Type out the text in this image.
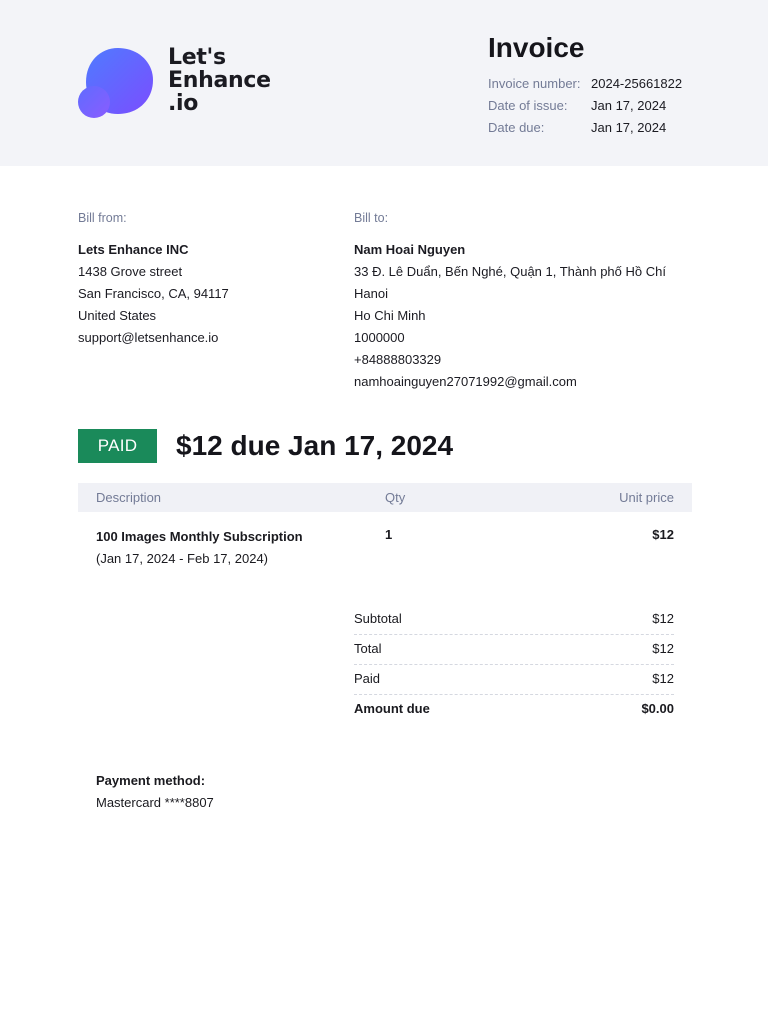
Let's
Enhance
.io
Invoice
Invoice number: 2024-25661822
Date of issue: Jan 17, 2024
Date due:	Jan 17, 2024
Bill from:
Lets Enhance INC
1438 Grove street
San Francisco, CA, 94117
United States
support@letsenhance.io
Bill to:
Nam Hoai Nguyen
33 Đ. Lê Duẩn, Bến Nghé, Quận 1, Thành phố Hồ Chí
Hanoi
Ho Chi Minh
1000000
+84888803329
namhoainguyen27071992@gmail.com
PAID	$12 due Jan 17, 2024
Description	Qty	Unit price
100 Images Monthly Subscription
(Jan 17, 2024 - Feb 17, 2024)
1	$12
Subtotal	$12
Total	$12
Paid	$12
Amount due	$0.00
Payment method:
Mastercard ****8807
